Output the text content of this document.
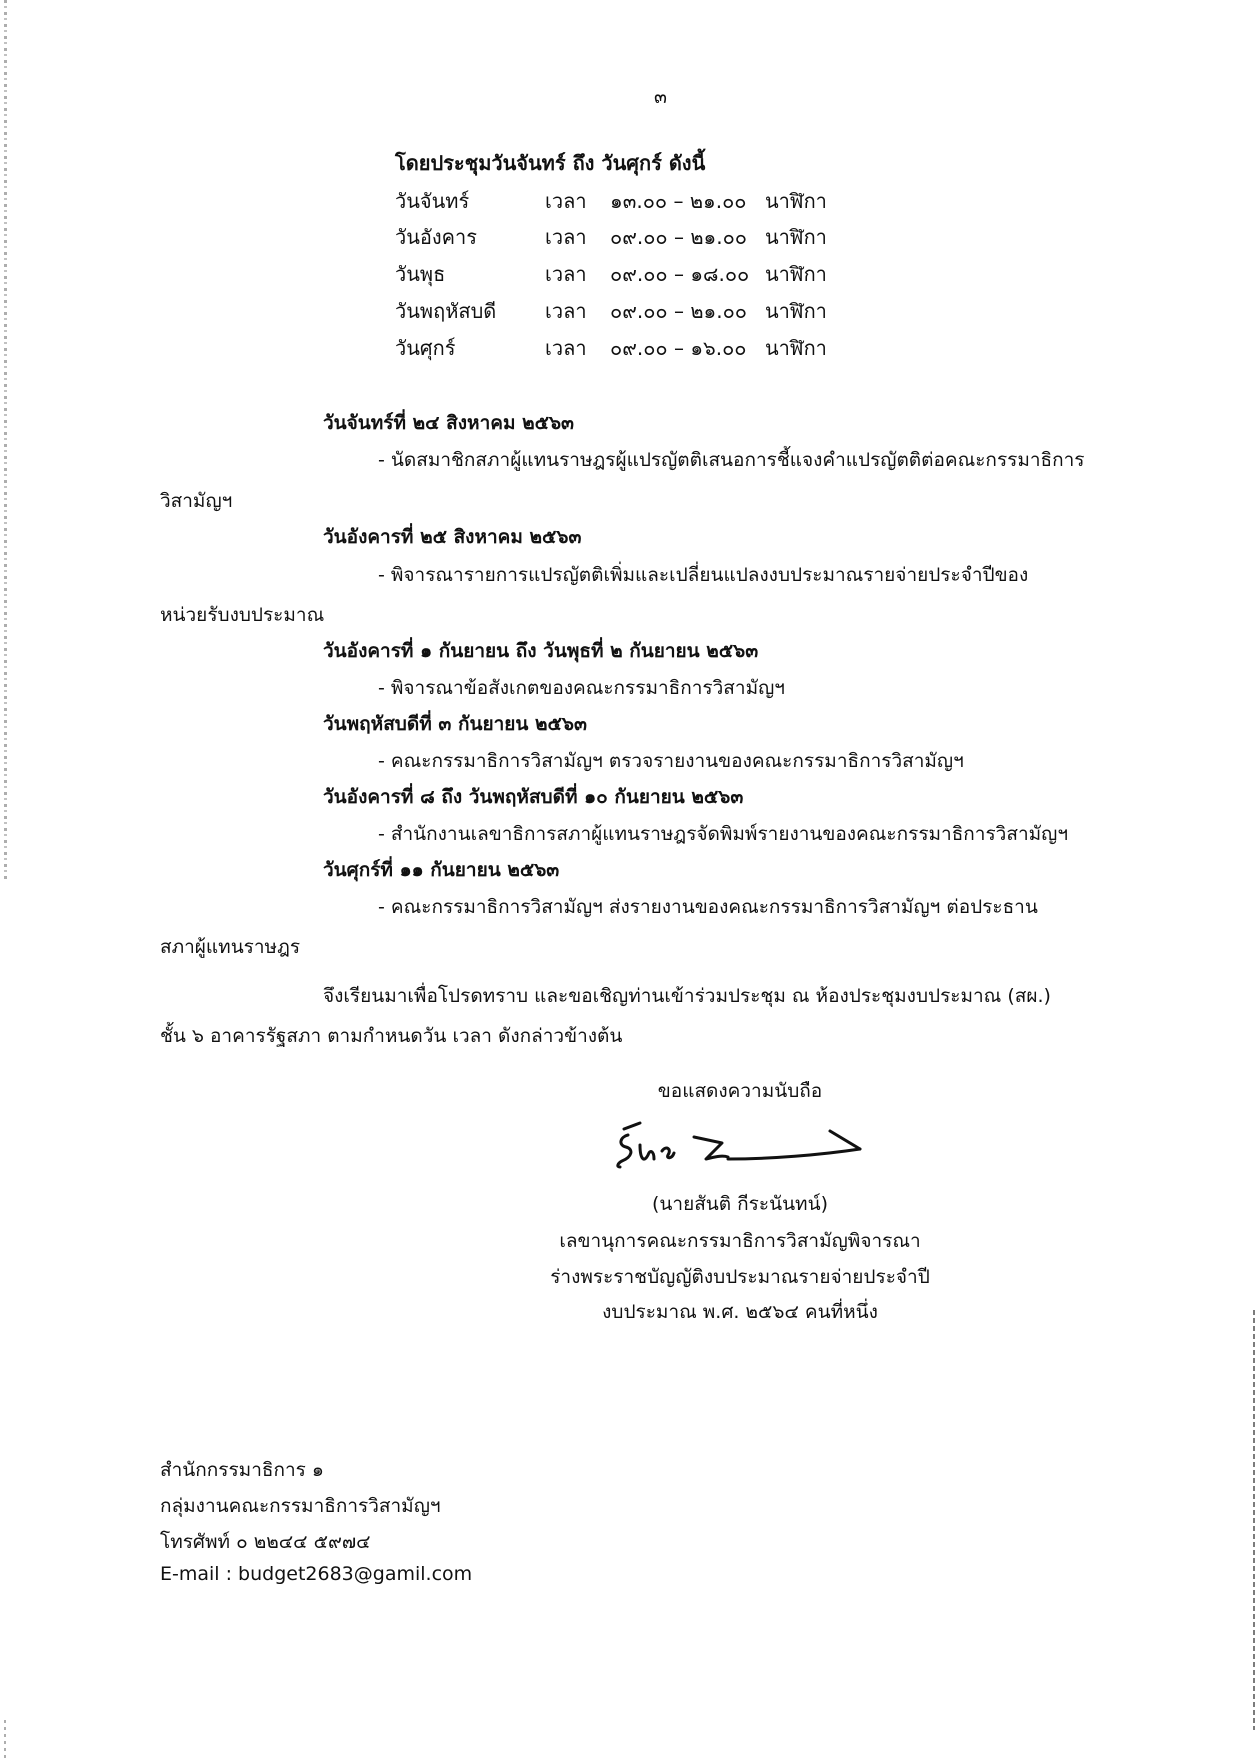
๓
โดยประชุมวันจันทร์ ถึง วันศุกร์ ดังนี้
วันจันทร์	เวลา ๑๓.๐๐ – ๒๑.๐๐ นาฬิกา
วันอังคาร	เวลา ๐๙.๐๐ – ๒๑.๐๐ นาฬิกา
วันพุธ	เวลา ๐๙.๐๐ – ๑๘.๐๐ นาฬิกา
วันพฤหัสบดี เวลา ๐๙.๐๐ – ๒๑.๐๐ นาฬิกา
วันศุกร์	เวลา ๐๙.๐๐ – ๑๖.๐๐ นาฬิกา
วันจันทร์ที่ ๒๔ สิงหาคม ๒๕๖๓
- นัดสมาชิกสภาผู้แทนราษฎรผู้แปรญัตติเสนอการชี้แจงคำแปรญัตติต่อคณะกรรมาธิการ
วิสามัญฯ
วันอังคารที่ ๒๕ สิงหาคม ๒๕๖๓
- พิจารณารายการแปรญัตติเพิ่มและเปลี่ยนแปลงงบประมาณรายจ่ายประจำปีของ
หน่วยรับงบประมาณ
วันอังคารที่ ๑ กันยายน ถึง วันพุธที่ ๒ กันยายน ๒๕๖๓
- พิจารณาข้อสังเกตของคณะกรรมาธิการวิสามัญฯ
วันพฤหัสบดีที่ ๓ กันยายน ๒๕๖๓
- คณะกรรมาธิการวิสามัญฯ ตรวจรายงานของคณะกรรมาธิการวิสามัญฯ
วันอังคารที่ ๘ ถึง วันพฤหัสบดีที่ ๑๐ กันยายน ๒๕๖๓
- สำนักงานเลขาธิการสภาผู้แทนราษฎรจัดพิมพ์รายงานของคณะกรรมาธิการวิสามัญฯ
วันศุกร์ที่ ๑๑ กันยายน ๒๕๖๓
- คณะกรรมาธิการวิสามัญฯ ส่งรายงานของคณะกรรมาธิการวิสามัญฯ ต่อประธาน
สภาผู้แทนราษฎร
จึงเรียนมาเพื่อโปรดทราบ และขอเชิญท่านเข้าร่วมประชุม ณ ห้องประชุมงบประมาณ (สผ.)
ชั้น ๖ อาคารรัฐสภา ตามกำหนดวัน เวลา ดังกล่าวข้างต้น
ขอแสดงความนับถือ
(นายสันติ กีระนันทน์)
เลขานุการคณะกรรมาธิการวิสามัญพิจารณา
ร่างพระราชบัญญัติงบประมาณรายจ่ายประจำปี
งบประมาณ พ.ศ. ๒๕๖๔ คนที่หนึ่ง
สำนักกรรมาธิการ ๑
กลุ่มงานคณะกรรมาธิการวิสามัญฯ
โทรศัพท์ ๐ ๒๒๔๔ ๕๙๗๔
E-mail : budget2683@gamil.com
